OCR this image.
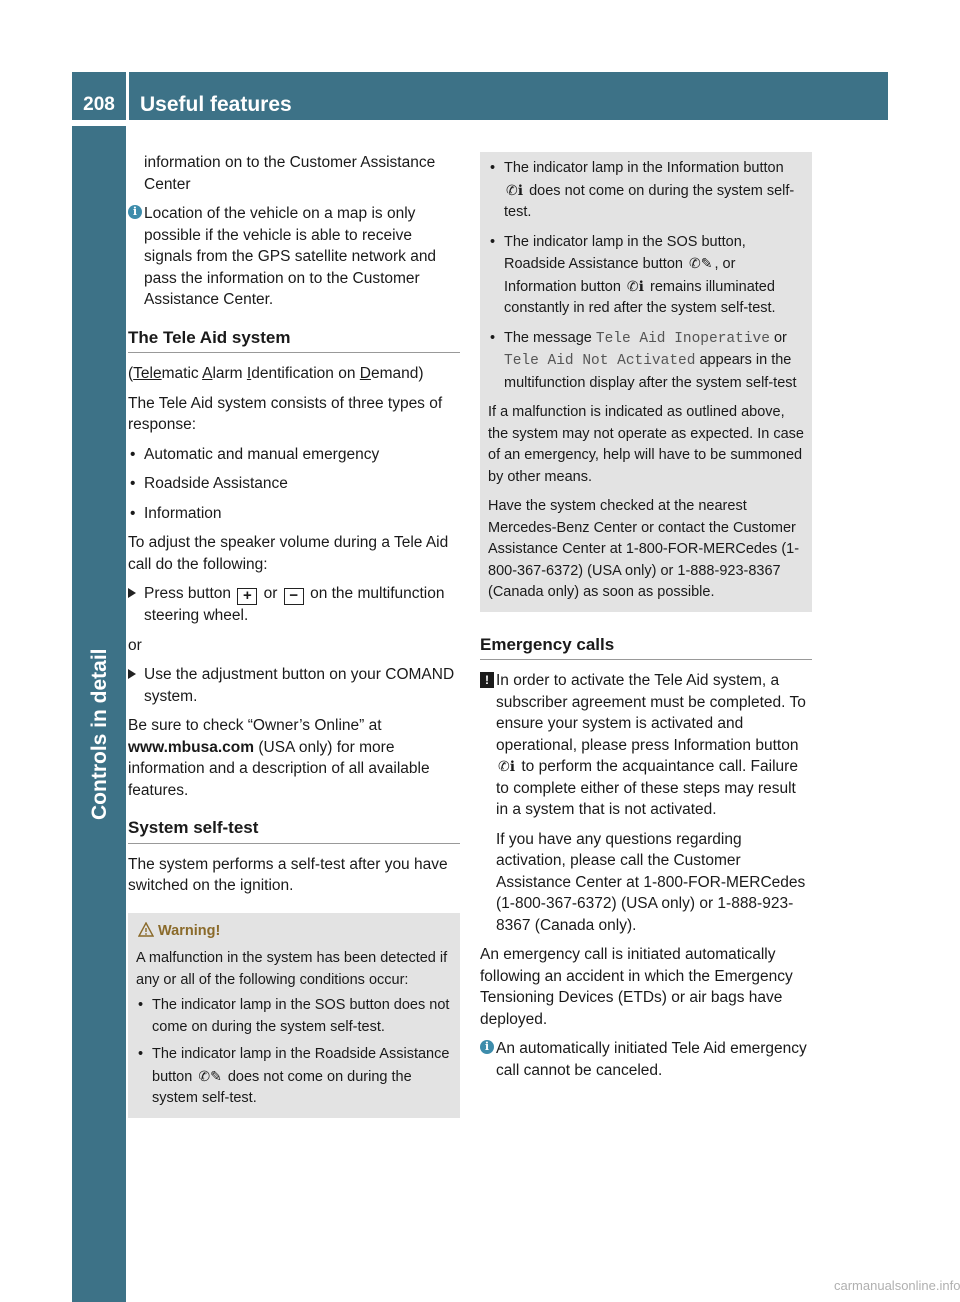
208	Useful features
Controls in detail

information on to the Customer Assistance Center

i Location of the vehicle on a map is only possible if the vehicle is able to receive signals from the GPS satellite network and pass the information on to the Customer Assistance Center.
The Tele Aid system

(Telematic Alarm Identification on Demand)

The Tele Aid system consists of three types of response:

• Automatic and manual emergency
• Roadside Assistance
• Information

To adjust the speaker volume during a Tele Aid call do the following:

Press button + or − on the multifunction steering wheel.

or

Use the adjustment button on your COMAND system.

Be sure to check “Owner’s Online” at www.mbusa.com (USA only) for more information and a description of all available features.

System self-test

The system performs a self-test after you have switched on the ignition.

Warning!

A malfunction in the system has been detected if any or all of the following conditions occur:

• The indicator lamp in the SOS button does not come on during the system self-test.
• The indicator lamp in the Roadside Assistance button ✆✎ does not come on during the system self-test.
• The indicator lamp in the Information button ✆ℹ does not come on during the system self-test.
• The indicator lamp in the SOS button, Roadside Assistance button ✆✎ , or Information button ✆ℹ remains illuminated constantly in red after the system self-test.
• The message Tele Aid Inoperative or Tele Aid Not Activated appears in the multifunction display after the system self-test

If a malfunction is indicated as outlined above, the system may not operate as expected. In case of an emergency, help will have to be summoned by other means.

Have the system checked at the nearest Mercedes-Benz Center or contact the Customer Assistance Center at 1-800-FOR-MERCedes (1-800-367-6372) (USA only) or 1-888-923-8367 (Canada only) as soon as possible.

Emergency calls
! In order to activate the Tele Aid system, a subscriber agreement must be completed. To ensure your system is activated and operational, please press Information button ✆ℹ to perform the acquaintance call. Failure to complete either of these steps may result in a system that is not activated.

If you have any questions regarding activation, please call the Customer Assistance Center at 1-800-FOR-MERCedes (1-800-367-6372) (USA only) or 1-888-923-8367 (Canada only).

An emergency call is initiated automatically following an accident in which the Emergency Tensioning Devices (ETDs) or air bags have deployed.

i An automatically initiated Tele Aid emergency call cannot be canceled.
carmanualsonline.info
